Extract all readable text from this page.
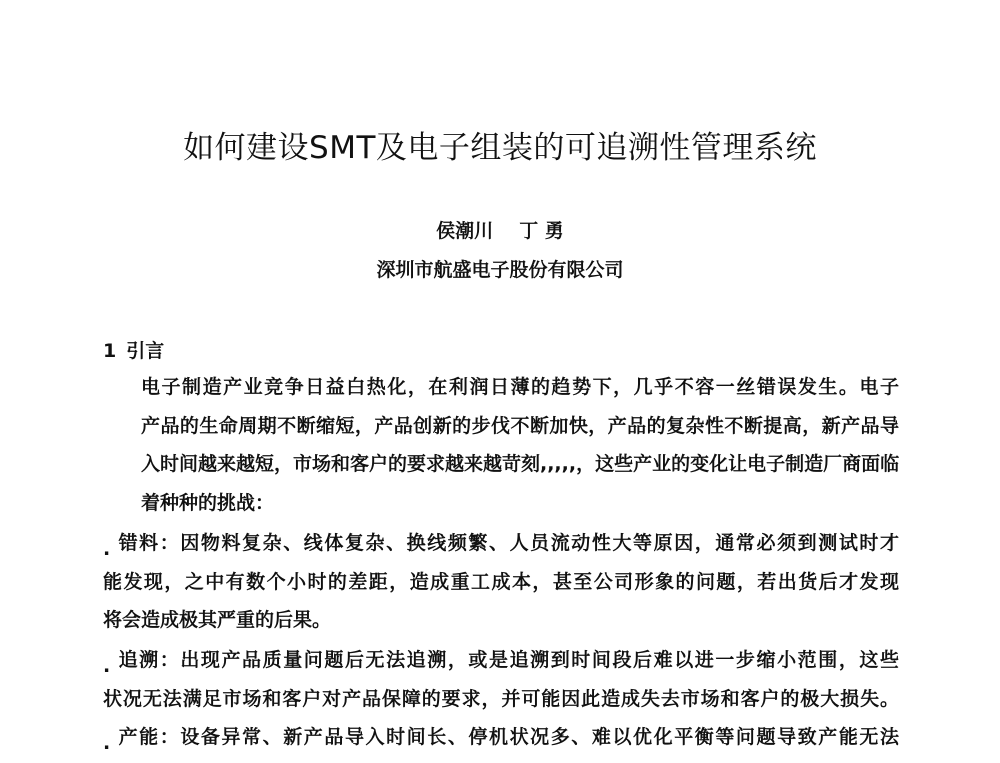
如何建设SMT及电子组装的可追溯性管理系统
侯潮川 丁 勇
深圳市航盛电子股份有限公司
1 引言
电子制造产业竞争日益白热化，在利润日薄的趋势下，几乎不容一丝错误发生。电子
产品的生命周期不断缩短，产品创新的步伐不断加快，产品的复杂性不断提高，新产品导
入时间越来越短，市场和客户的要求越来越苛刻,,,,,，这些产业的变化让电子制造厂商面临
着种种的挑战：
. 错料：因物料复杂、线体复杂、换线频繁、人员流动性大等原因，通常必须到测试时才
能发现，之中有数个小时的差距，造成重工成本，甚至公司形象的问题，若出货后才发现
将会造成极其严重的后果。
. 追溯：出现产品质量问题后无法追溯，或是追溯到时间段后难以进一步缩小范围，这些
状况无法满足市场和客户对产品保障的要求，并可能因此造成失去市场和客户的极大损失。
. 产能：设备异常、新产品导入时间长、停机状况多、难以优化平衡等问题导致产能无法
